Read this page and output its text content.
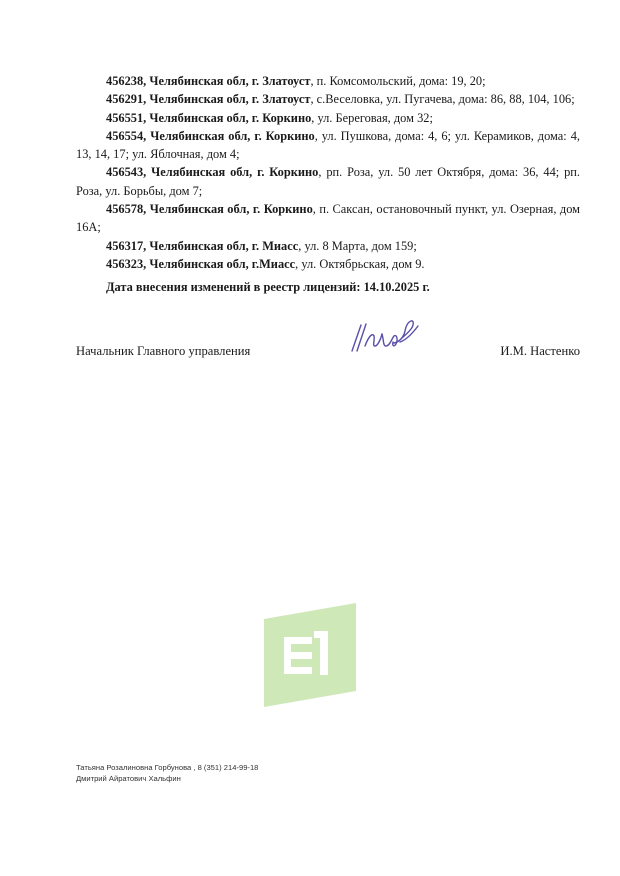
456238, Челябинская обл, г. Златоуст, п. Комсомольский, дома: 19, 20;

456291, Челябинская обл, г. Златоуст, с.Веселовка, ул. Пугачева, дома: 86, 88, 104, 106;

456551, Челябинская обл, г. Коркино, ул. Береговая, дом 32;

456554, Челябинская обл, г. Коркино, ул. Пушкова, дома: 4, 6; ул. Керамиков, дома: 4, 13, 14, 17; ул. Яблочная, дом 4;

456543, Челябинская обл, г. Коркино, рп. Роза, ул. 50 лет Октября, дома: 36, 44; рп. Роза, ул. Борьбы, дом 7;

456578, Челябинская обл, г. Коркино, п. Саксан, остановочный пункт, ул. Озерная, дом 16А;

456317, Челябинская обл, г. Миасс, ул. 8 Марта, дом 159;

456323, Челябинская обл, г.Миасс, ул. Октябрьская, дом 9.

Дата внесения изменений в реестр лицензий: 14.10.2025 г.
Начальник Главного управления	И.М. Настенко
Татьяна Розалиновна Горбунова , 8 (351) 214-99-18
Дмитрий Айратович Хальфин
